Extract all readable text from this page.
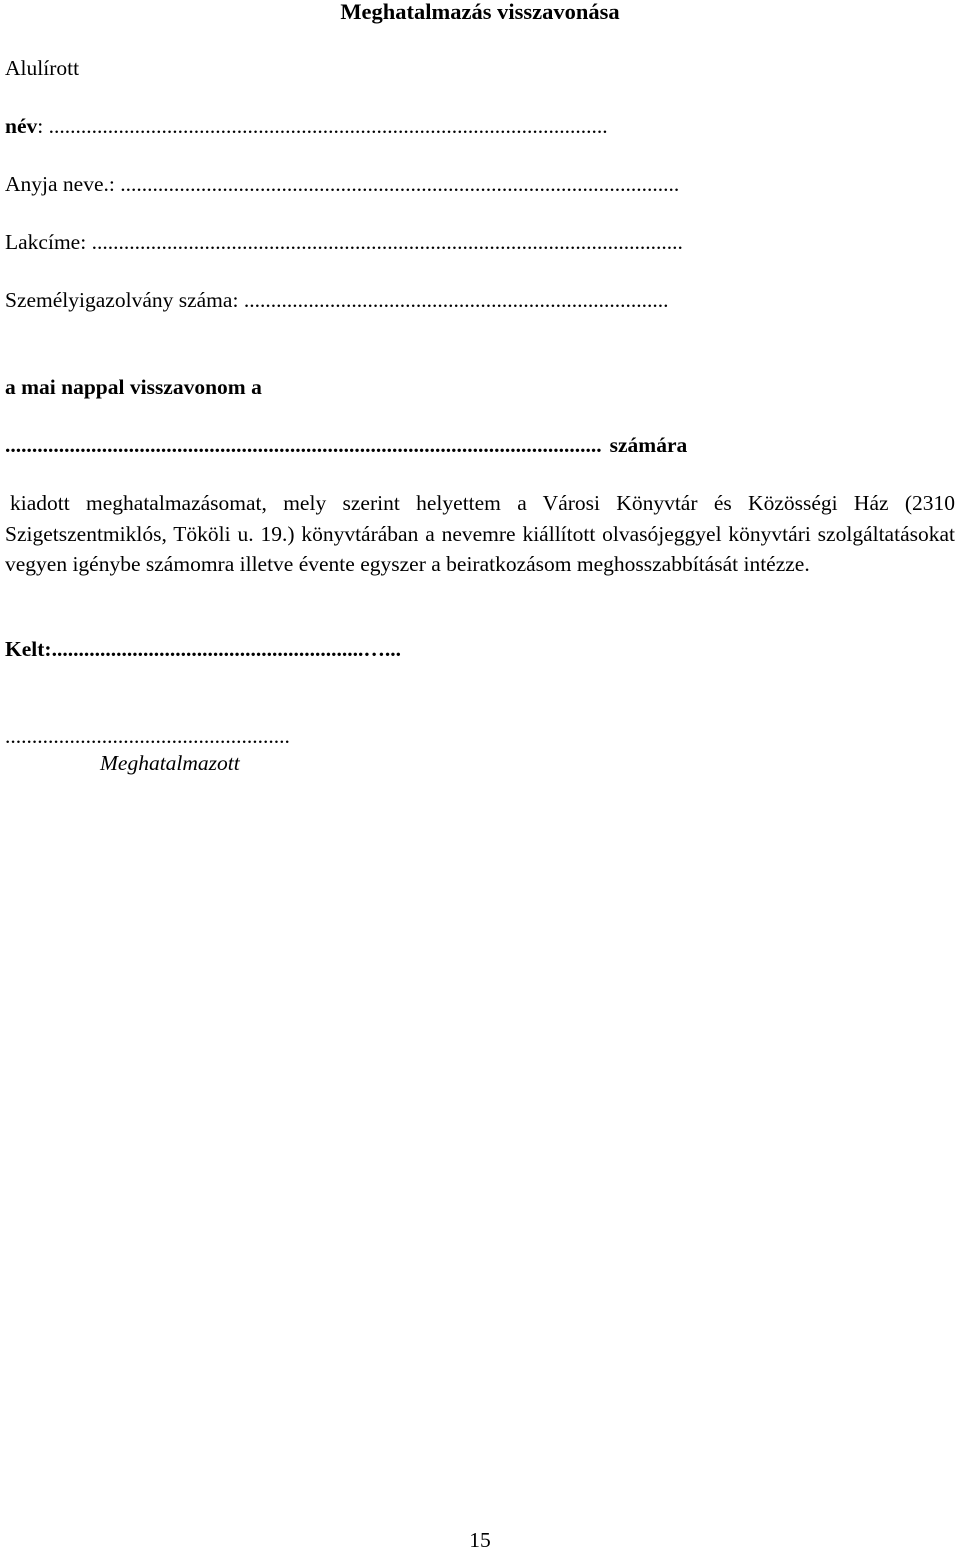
Meghatalmazás visszavonása
Alulírott
név: ........................................................................................................
Anyja neve.: ........................................................................................................
Lakcíme: ..............................................................................................................
Személyigazolvány száma: ...............................................................................
a mai nappal visszavonom a
............................................................................................................... számára
kiadott meghatalmazásomat, mely szerint helyettem a Városi Könyvtár és Közösségi Ház (2310 Szigetszentmiklós, Tököli u. 19.) könyvtárában a nevemre kiállított olvasójeggyel könyvtári szolgáltatásokat vegyen igénybe számomra illetve évente egyszer a beiratkozásom meghosszabbítását intézze.
Kelt:..........................................................…...
.....................................................
Meghatalmazott
15
